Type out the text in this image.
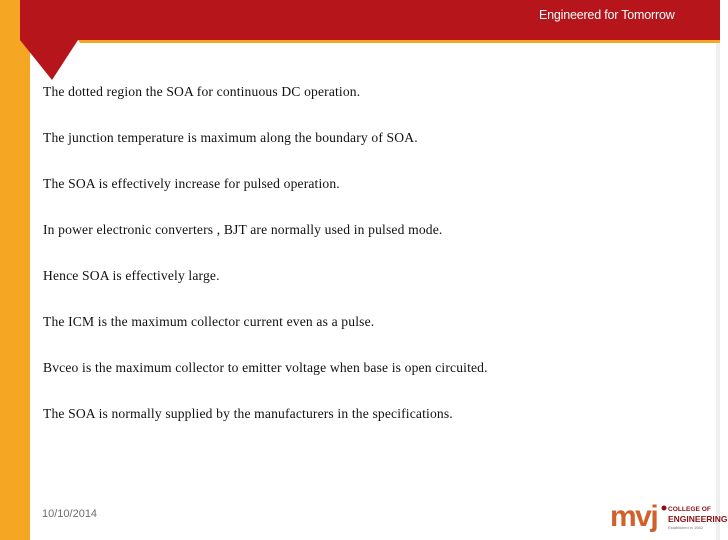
Engineered for Tomorrow

The dotted region the SOA for continuous DC operation.

The junction temperature is maximum along the boundary of SOA.

The SOA is effectively increase for pulsed operation.

In power electronic converters , BJT are normally used in pulsed mode.

Hence SOA is effectively large.

The ICM is the maximum collector current even as a pulse.

Bvceo is the maximum collector to emitter voltage when base is open circuited.

The SOA is normally supplied by the manufacturers in the specifications.

10/10/2014	mvj COLLEGE OF
ENGINEERING
Established in 1982
